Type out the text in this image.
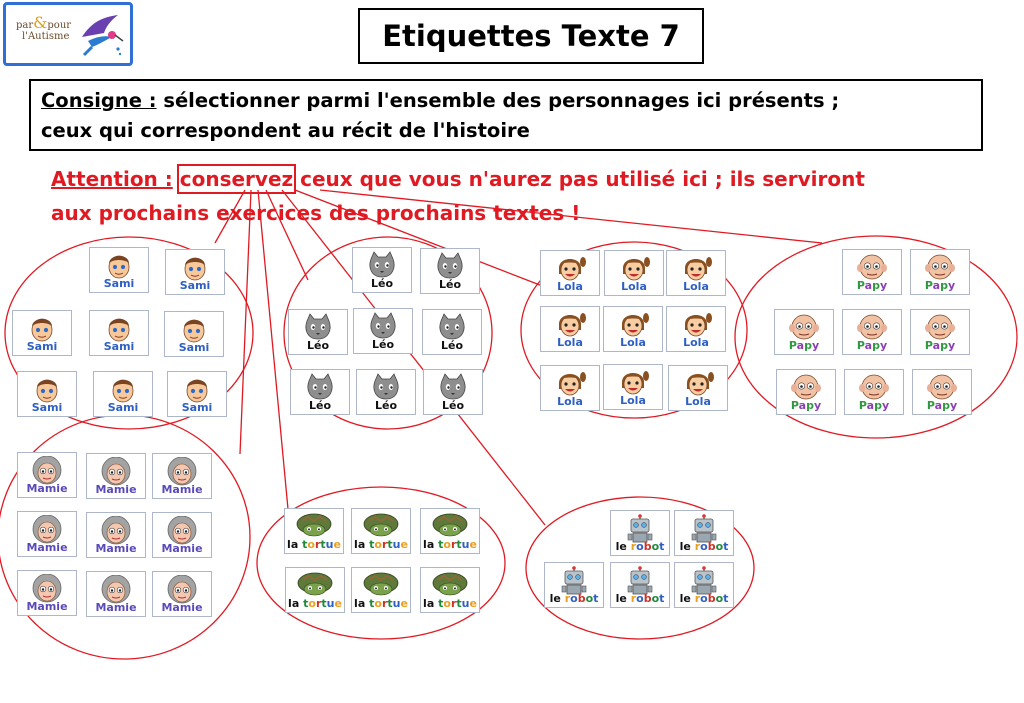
par&pour
l'Autisme	Etiquettes Texte 7
Consigne : sélectionner parmi l'ensemble des personnages ici présents ;
ceux qui correspondent au récit de l'histoire
Attention : conservez ceux que vous n'aurez pas utilisé ici ; ils serviront
aux prochains exercices des prochains textes !
Sami	Sami
Sami	Sami	Sami
Sami	Sami	Sami
Léo	Léo
Léo	Léo	Léo
Léo	Léo	Léo
Lola	Lola	Lola
Lola	Lola	Lola
Lola	Lola	Lola
Papy	Papy
Papy	Papy	Papy
Papy	Papy	Papy
Mamie	Mamie	Mamie
Mamie	Mamie	Mamie
Mamie	Mamie	Mamie
la tortue la tortue la tortue
la tortue la tortue la tortue
le robot	le robot
le robot	le robot	le robot
